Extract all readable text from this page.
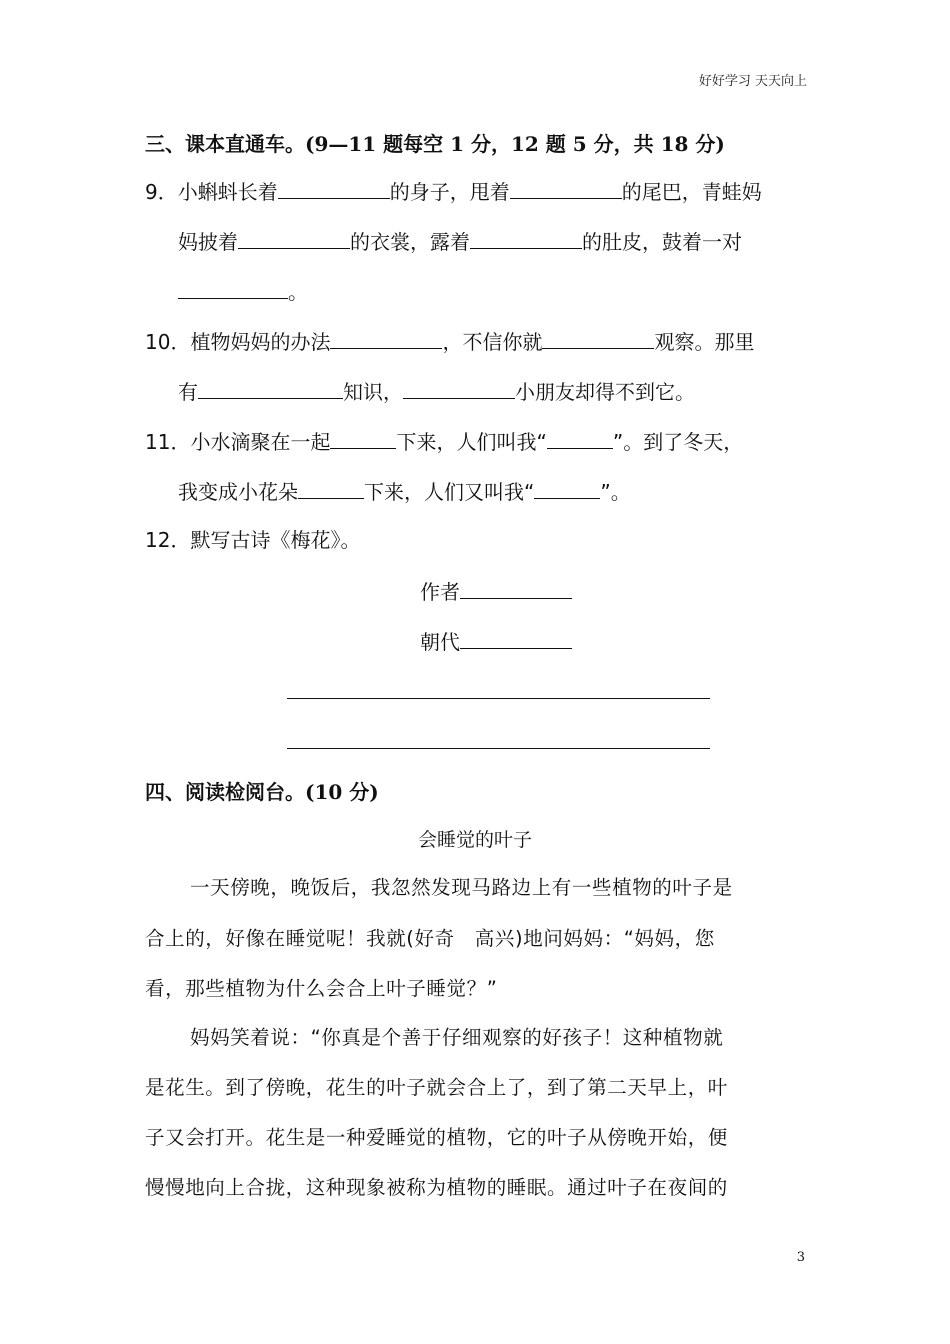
好好学习 天天向上
三、课本直通车。(9—11 题每空 1 分，12 题 5 分，共 18 分)
9．小蝌蚪长着	的身子，甩着	的尾巴，青蛙妈
妈披着	的衣裳，露着	的肚皮，鼓着一对
。
10．植物妈妈的办法	，不信你就	观察。那里
有	知识，	小朋友却得不到它。
11．小水滴聚在一起	下来，人们叫我“	”。到了冬天，
我变成小花朵	下来，人们又叫我“	”。
12．默写古诗《梅花》。
作者
朝代
四、阅读检阅台。(10 分)
会睡觉的叶子
一天傍晚，晚饭后，我忽然发现马路边上有一些植物的叶子是
合上的，好像在睡觉呢！我就(好奇　高兴)地问妈妈：“妈妈，您
看，那些植物为什么会合上叶子睡觉？”
妈妈笑着说：“你真是个善于仔细观察的好孩子！这种植物就
是花生。到了傍晚，花生的叶子就会合上了，到了第二天早上，叶
子又会打开。花生是一种爱睡觉的植物，它的叶子从傍晚开始，便
慢慢地向上合拢，这种现象被称为植物的睡眠。通过叶子在夜间的
3
